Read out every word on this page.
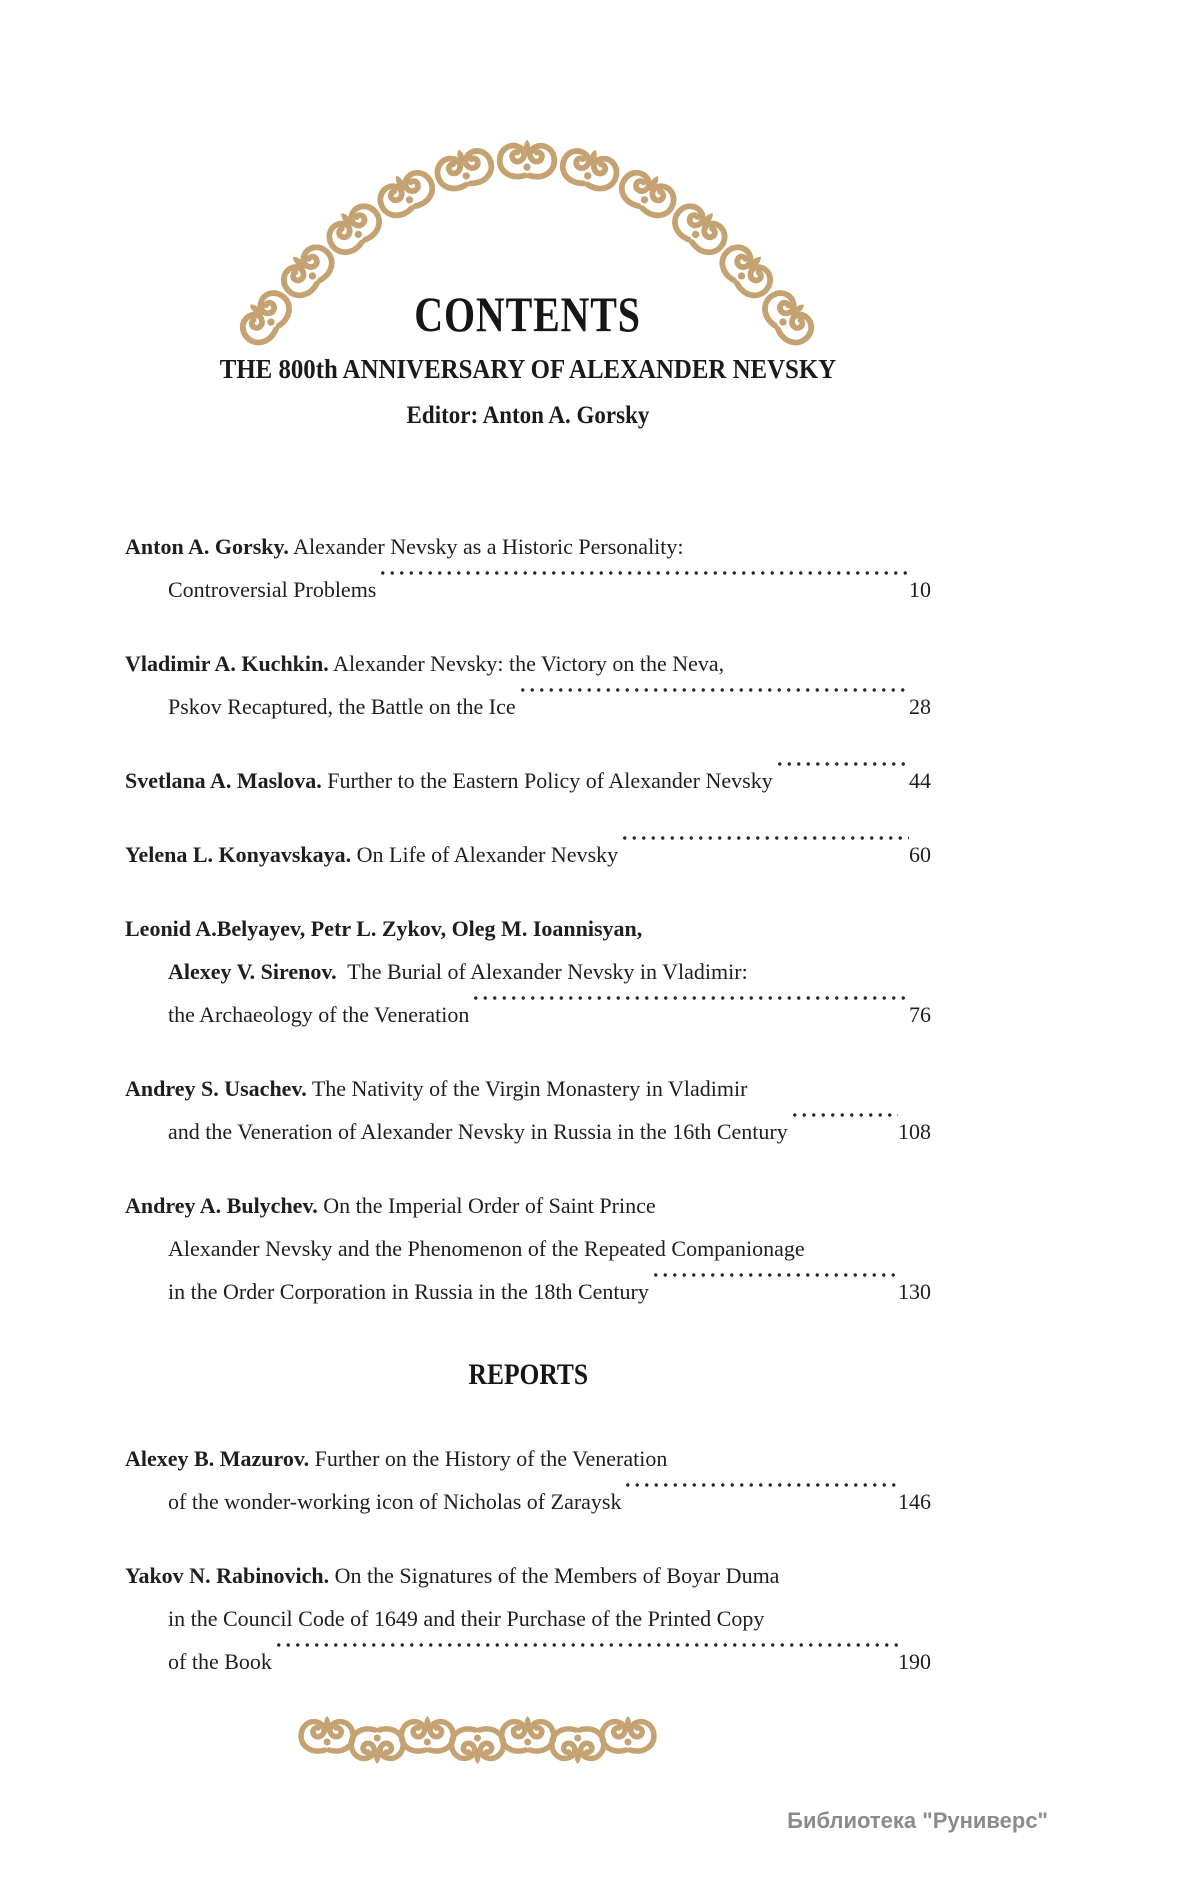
CONTENTS
THE 800th ANNIVERSARY OF ALEXANDER NEVSKY
Editor: Anton A. Gorsky
Anton A. Gorsky. Alexander Nevsky as a Historic Personality:
Controversial Problems	10
Vladimir A. Kuchkin. Alexander Nevsky: the Victory on the Neva,
Pskov Recaptured, the Battle on the Ice	28
Svetlana A. Maslova. Further to the Eastern Policy of Alexander Nevsky	44
Yelena L. Konyavskaya. On Life of Alexander Nevsky	60
Leonid A.Belyayev, Petr L. Zykov, Oleg M. Ioannisyan,
Alexey V. Sirenov.  The Burial of Alexander Nevsky in Vladimir:
the Archaeology of the Veneration	76
Andrey S. Usachev. The Nativity of the Virgin Monastery in Vladimir
and the Veneration of Alexander Nevsky in Russia in the 16th Century	108
Andrey A. Bulychev. On the Imperial Order of Saint Prince
Alexander Nevsky and the Phenomenon of the Repeated Companionage
in the Order Corporation in Russia in the 18th Century	130
REPORTS
Alexey B. Mazurov. Further on the History of the Veneration
of the wonder-working icon of Nicholas of Zaraysk	146
Yakov N. Rabinovich. On the Signatures of the Members of Boyar Duma
in the Council Code of 1649 and their Purchase of the Printed Copy
of the Book	190
Библиотека "Руниверс"
